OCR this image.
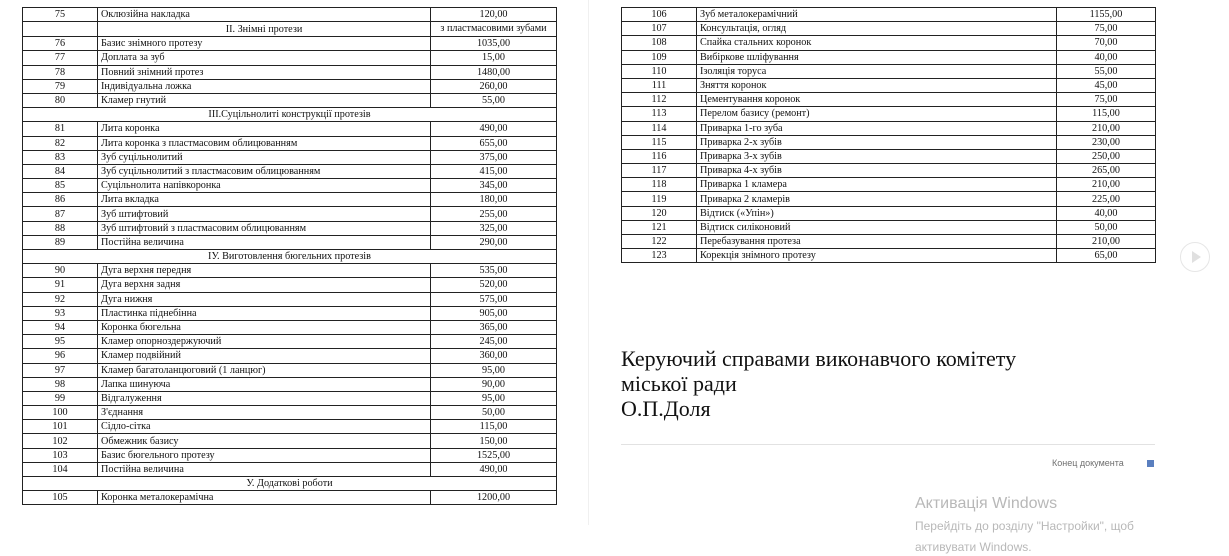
75	Оклюзійна накладка	120,00
	ІІ. Знімні протези	з пластмасовими зубами
76	Базис знімного протезу	1035,00
77	Доплата за зуб	15,00
78	Повний знімний протез	1480,00
79	Індивідуальна ложка	260,00
80	Кламер гнутий	55,00
ІІІ.Суцільнолиті конструкції протезів		
81	Лита коронка	490,00
82	Лита коронка з пластмасовим облицюванням	655,00
83	Зуб суцільнолитий	375,00
84	Зуб суцільнолитий з пластмасовим облицюванням	415,00
85	Суцільнолита напівкоронка	345,00
86	Лита вкладка	180,00
87	Зуб штифтовий	255,00
88	Зуб штифтовий з пластмасовим облицюванням	325,00
89	Постійна величина	290,00
ІУ. Виготовлення бюгельних протезів		
90	Дуга верхня передня	535,00
91	Дуга верхня задня	520,00
92	Дуга нижня	575,00
93	Пластинка піднебінна	905,00
94	Коронка бюгельна	365,00
95	Кламер опорноздержуючий	245,00
96	Кламер подвійний	360,00
97	Кламер багатоланцюговий (1 ланцюг)	95,00
98	Лапка шинуюча	90,00
99	Відгалуження	95,00
100	З'єднання	50,00
101	Сідло-сітка	115,00
102	Обмежник базису	150,00
103	Базис бюгельного протезу	1525,00
104	Постійна величина	490,00
У. Додаткові роботи		
105	Коронка металокерамічна	1200,00
106	Зуб металокерамічний	1155,00
107	Консультація, огляд	75,00
108	Спайка стальних коронок	70,00
109	Вибіркове шліфування	40,00
110	Ізоляція торуса	55,00
111	Зняття коронок	45,00
112	Цементування коронок	75,00
113	Перелом базису (ремонт)	115,00
114	Приварка 1-го зуба	210,00
115	Приварка 2-х зубів	230,00
116	Приварка 3-х зубів	250,00
117	Приварка 4-х зубів	265,00
118	Приварка 1 кламера	210,00
119	Приварка 2 кламерів	225,00
120	Відтиск («Упін»)	40,00
121	Відтиск силіконовий	50,00
122	Перебазування протеза	210,00
123	Корекція знімного протезу	65,00
Керуючий справами виконавчого комітету
міської ради
О.П.Доля
Конец документа
Активація Windows
Перейдіть до розділу "Настройки", щоб
активувати Windows.
